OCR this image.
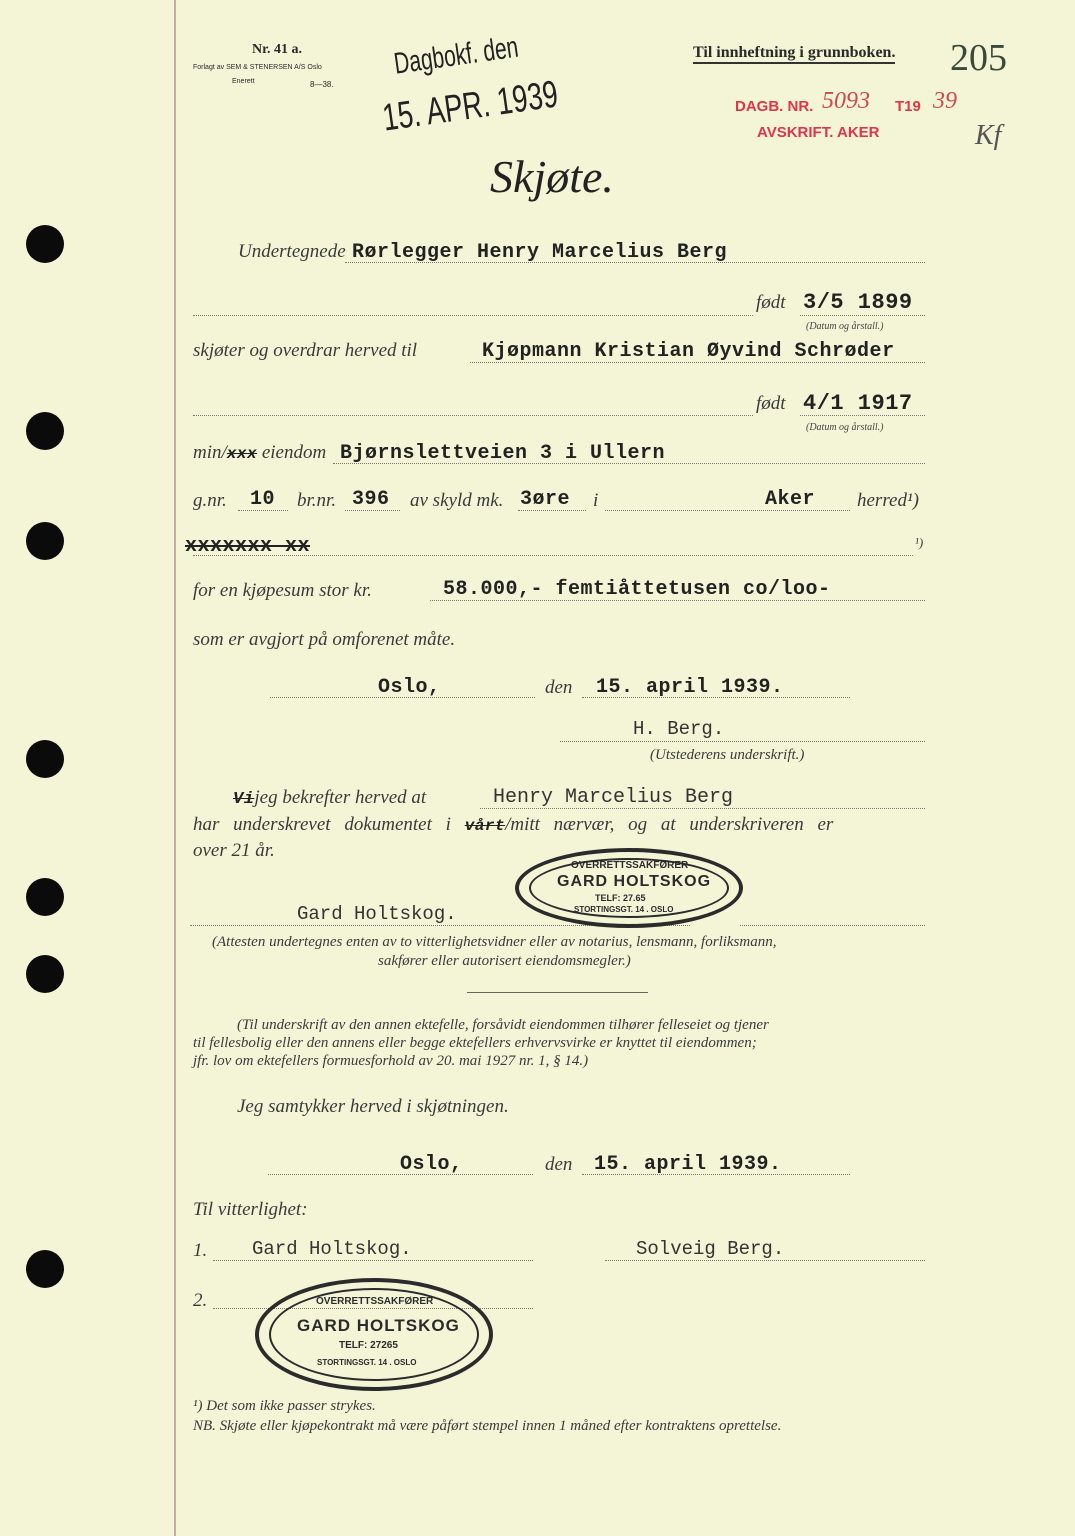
Nr. 41 a.
Forlagt av SEM & STENERSEN A/S Oslo
Enerett	8—38.
Dagbokf. den
15. APR. 1939
Til innheftning i grunnboken. 205
DAGB. NR. 5093 T19 39
AVSKRIFT. AKER	Kf
Skjøte.
Undertegnede Rørlegger Henry Marcelius Berg
født 3/5 1899
(Datum og årstall.)
skjøter og overdrar herved til	Kjøpmann Kristian Øyvind Schrøder
født 4/1 1917
(Datum og årstall.)
min/xxx eiendom Bjørnslettveien 3 i Ullern
g.nr. 10 br.nr. 396 av skyld mk. 3øre i	Aker herred¹)
xxxxxxx xx	¹)
for en kjøpesum stor kr.	58.000,- femtiåttetusen co/loo-
som er avgjort på omforenet måte.
Oslo,	den 15. april 1939.
H. Berg.
(Utstederens underskrift.)
Vijeg bekrefter herved at	Henry Marcelius Berg
har underskrevet dokumentet i vårt/mitt nærvær, og at underskriveren er
over 21 år.
Gard Holtskog.
(Attesten undertegnes enten av to vitterlighetsvidner eller av notarius, lensmann, forliksmann,
sakfører eller autorisert eiendomsmegler.)
OVERRETTSSAKFØRER
GARD HOLTSKOG
TELF: 27.65
STORTINGSGT. 14 . OSLO
(Til underskrift av den annen ektefelle, forsåvidt eiendommen tilhører felleseiet og tjener
til fellesbolig eller den annens eller begge ektefellers erhvervsvirke er knyttet til eiendommen;
jfr. lov om ektefellers formuesforhold av 20. mai 1927 nr. 1, § 14.)
Jeg samtykker herved i skjøtningen.
Oslo,	den 15. april 1939.
Til vitterlighet:
1. Gard Holtskog.	Solveig Berg.
2.	OVERRETTSSAKFØRER
GARD HOLTSKOG
TELF: 27265
STORTINGSGT. 14 . OSLO
¹) Det som ikke passer strykes.
NB. Skjøte eller kjøpekontrakt må være påført stempel innen 1 måned efter kontraktens oprettelse.
